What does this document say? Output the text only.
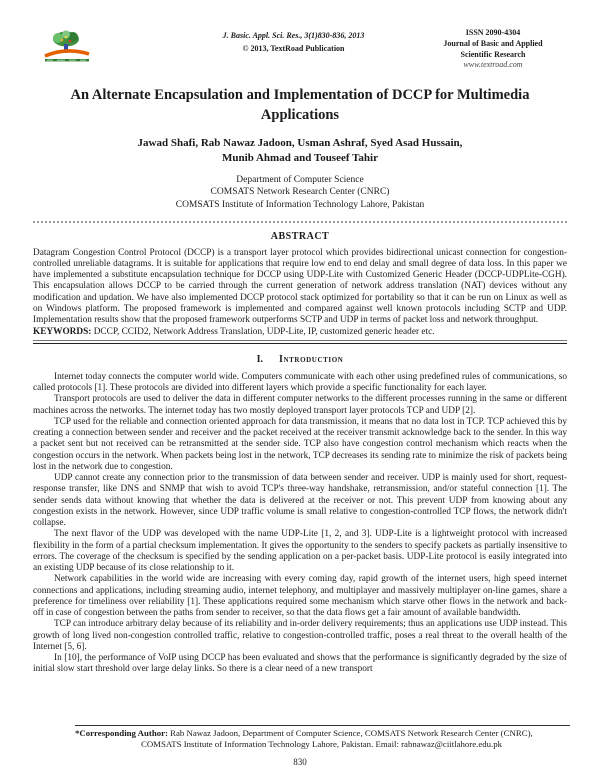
J. Basic. Appl. Sci. Res., 3(1)830-836, 2013
© 2013, TextRoad Publication
ISSN 2090-4304
Journal of Basic and Applied
Scientific Research
www.textroad.com
An Alternate Encapsulation and Implementation of DCCP for Multimedia Applications
Jawad Shafi, Rab Nawaz Jadoon, Usman Ashraf, Syed Asad Hussain,
Munib Ahmad and Touseef Tahir
Department of Computer Science
COMSATS Network Research Center (CNRC)
COMSATS Institute of Information Technology Lahore, Pakistan
ABSTRACT

Datagram Congestion Control Protocol (DCCP) is a transport layer protocol which provides bidirectional unicast connection for congestion-controlled unreliable datagrams. It is suitable for applications that require low end to end delay and small degree of data loss. In this paper we have implemented a substitute encapsulation technique for DCCP using UDP-Lite with Customized Generic Header (DCCP-UDPLite-CGH). This encapsulation allows DCCP to be carried through the current generation of network address translation (NAT) devices without any modification and updation. We have also implemented DCCP protocol stack optimized for portability so that it can be run on Linux as well as on Windows platform. The proposed framework is implemented and compared against well known protocols including SCTP and UDP. Implementation results show that the proposed framework outperforms SCTP and UDP in terms of packet loss and network throughput.

KEYWORDS: DCCP, CCID2, Network Address Translation, UDP-Lite, IP, customized generic header etc.

I. Introduction

Internet today connects the computer world wide. Computers communicate with each other using predefined rules of communications, so called protocols [1]. These protocols are divided into different layers which provide a specific functionality for each layer.

Transport protocols are used to deliver the data in different computer networks to the different processes running in the same or different machines across the networks. The internet today has two mostly deployed transport layer protocols TCP and UDP [2].

TCP used for the reliable and connection oriented approach for data transmission, it means that no data lost in TCP. TCP achieved this by creating a connection between sender and receiver and the packet received at the receiver transmit acknowledge back to the sender. In this way a packet sent but not received can be retransmitted at the sender side. TCP also have congestion control mechanism which reacts when the congestion occurs in the network. When packets being lost in the network, TCP decreases its sending rate to minimize the risk of packets being lost in the network due to congestion.

UDP cannot create any connection prior to the transmission of data between sender and receiver. UDP is mainly used for short, request-response transfer, like DNS and SNMP that wish to avoid TCP's three-way handshake, retransmission, and/or stateful connection [1]. The sender sends data without knowing that whether the data is delivered at the receiver or not. This prevent UDP from knowing about any congestion exists in the network. However, since UDP traffic volume is small relative to congestion-controlled TCP flows, the network didn't collapse.

The next flavor of the UDP was developed with the name UDP-Lite [1, 2, and 3]. UDP-Lite is a lightweight protocol with increased flexibility in the form of a partial checksum implementation. It gives the opportunity to the senders to specify packets as partially insensitive to errors. The coverage of the checksum is specified by the sending application on a per-packet basis. UDP-Lite protocol is easily integrated into an existing UDP because of its close relationship to it.

Network capabilities in the world wide are increasing with every coming day, rapid growth of the internet users, high speed internet connections and applications, including streaming audio, internet telephony, and multiplayer and massively multiplayer on-line games, share a preference for timeliness over reliability [1]. These applications required some mechanism which starve other flows in the network and back-off in case of congestion between the paths from sender to receiver, so that the data flows get a fair amount of available bandwidth.

TCP can introduce arbitrary delay because of its reliability and in-order delivery requirements; thus an applications use UDP instead. This growth of long lived non-congestion controlled traffic, relative to congestion-controlled traffic, poses a real threat to the overall health of the Internet [5, 6].

In [10], the performance of VoIP using DCCP has been evaluated and shows that the performance is significantly degraded by the size of initial slow start threshold over large delay links. So there is a clear need of a new transport

*Corresponding Author: Rab Nawaz Jadoon, Department of Computer Science, COMSATS Network Research Center (CNRC),
COMSATS Institute of Information Technology Lahore, Pakistan. Email: rabnawaz@ciitlahore.edu.pk
830
